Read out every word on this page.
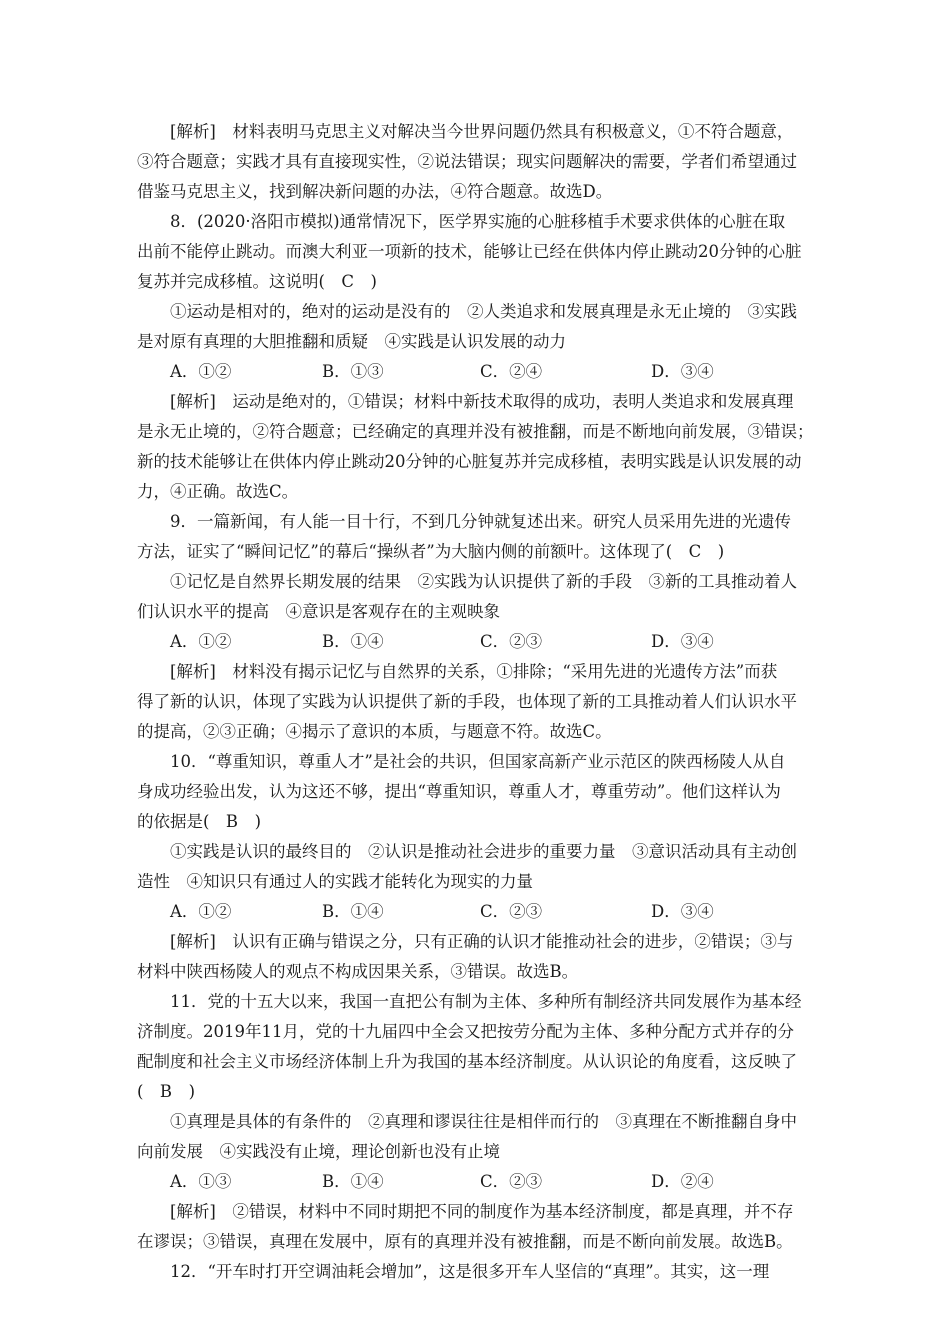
[解析]　材料表明马克思主义对解决当今世界问题仍然具有积极意义，①不符合题意，
③符合题意；实践才具有直接现实性，②说法错误；现实问题解决的需要，学者们希望通过
借鉴马克思主义，找到解决新问题的办法，④符合题意。故选D。
8．(2020·洛阳市模拟)通常情况下，医学界实施的心脏移植手术要求供体的心脏在取
出前不能停止跳动。而澳大利亚一项新的技术，能够让已经在供体内停止跳动20分钟的心脏
复苏并完成移植。这说明(　C　)
①运动是相对的，绝对的运动是没有的　②人类追求和发展真理是永无止境的　③实践
是对原有真理的大胆推翻和质疑　④实践是认识发展的动力
A．①②	B．①③	C．②④	D．③④
[解析]　运动是绝对的，①错误；材料中新技术取得的成功，表明人类追求和发展真理
是永无止境的，②符合题意；已经确定的真理并没有被推翻，而是不断地向前发展，③错误；
新的技术能够让在供体内停止跳动20分钟的心脏复苏并完成移植，表明实践是认识发展的动
力，④正确。故选C。
9．一篇新闻，有人能一目十行，不到几分钟就复述出来。研究人员采用先进的光遗传
方法，证实了“瞬间记忆”的幕后“操纵者”为大脑内侧的前额叶。这体现了(　C　)
①记忆是自然界长期发展的结果　②实践为认识提供了新的手段　③新的工具推动着人
们认识水平的提高　④意识是客观存在的主观映象
A．①②	B．①④	C．②③	D．③④
[解析]　材料没有揭示记忆与自然界的关系，①排除；“采用先进的光遗传方法”而获
得了新的认识，体现了实践为认识提供了新的手段，也体现了新的工具推动着人们认识水平
的提高，②③正确；④揭示了意识的本质，与题意不符。故选C。
10．“尊重知识，尊重人才”是社会的共识，但国家高新产业示范区的陕西杨陵人从自
身成功经验出发，认为这还不够，提出“尊重知识，尊重人才，尊重劳动”。他们这样认为
的依据是(　B　)
①实践是认识的最终目的　②认识是推动社会进步的重要力量　③意识活动具有主动创
造性　④知识只有通过人的实践才能转化为现实的力量
A．①②	B．①④	C．②③	D．③④
[解析]　认识有正确与错误之分，只有正确的认识才能推动社会的进步，②错误；③与
材料中陕西杨陵人的观点不构成因果关系，③错误。故选B。
11．党的十五大以来，我国一直把公有制为主体、多种所有制经济共同发展作为基本经
济制度。2019年11月，党的十九届四中全会又把按劳分配为主体、多种分配方式并存的分
配制度和社会主义市场经济体制上升为我国的基本经济制度。从认识论的角度看，这反映了
(　B　)
①真理是具体的有条件的　②真理和谬误往往是相伴而行的　③真理在不断推翻自身中
向前发展　④实践没有止境，理论创新也没有止境
A．①③	B．①④	C．②③	D．②④
[解析]　②错误，材料中不同时期把不同的制度作为基本经济制度，都是真理，并不存
在谬误；③错误，真理在发展中，原有的真理并没有被推翻，而是不断向前发展。故选B。
12．“开车时打开空调油耗会增加”，这是很多开车人坚信的“真理”。其实，这一理
